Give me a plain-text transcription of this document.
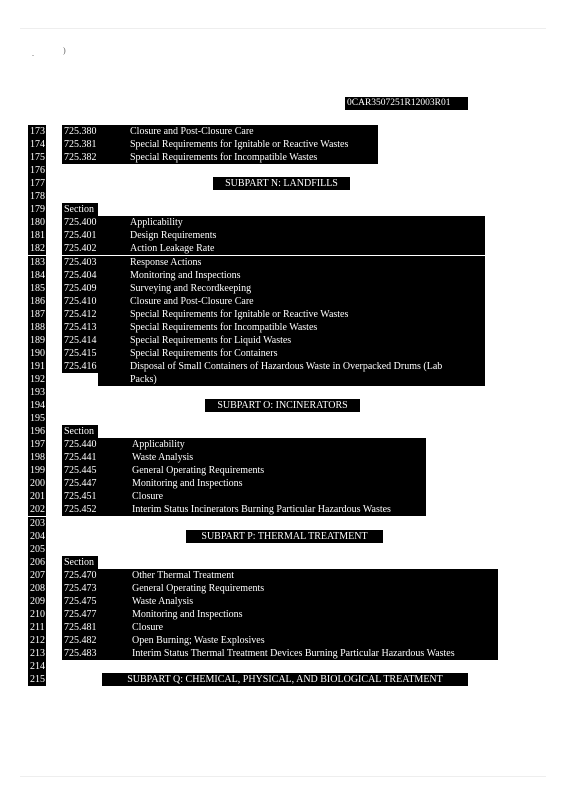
.	)
0CAR3507251R12003R01
173 725.380	Closure and Post-Closure Care
174 725.381	Special Requirements for Ignitable or Reactive Wastes
175 725.382	Special Requirements for Incompatible Wastes
176
177	SUBPART N: LANDFILLS
178
179 Section
180 725.400	Applicability
181 725.401	Design Requirements
182 725.402	Action Leakage Rate
183 725.403	Response Actions
184 725.404	Monitoring and Inspections
185 725.409	Surveying and Recordkeeping
186 725.410	Closure and Post-Closure Care
187 725.412	Special Requirements for Ignitable or Reactive Wastes
188 725.413	Special Requirements for Incompatible Wastes
189 725.414	Special Requirements for Liquid Wastes
190 725.415	Special Requirements for Containers
191 725.416	Disposal of Small Containers of Hazardous Waste in Overpacked Drums (Lab
192	Packs)
193
194	SUBPART O: INCINERATORS
195
196 Section
197 725.440	Applicability
198 725.441	Waste Analysis
199 725.445	General Operating Requirements
200 725.447	Monitoring and Inspections
201 725.451	Closure
202 725.452	Interim Status Incinerators Burning Particular Hazardous Wastes
203
204	SUBPART P: THERMAL TREATMENT
205
206 Section
207 725.470	Other Thermal Treatment
208 725.473	General Operating Requirements
209 725.475	Waste Analysis
210 725.477	Monitoring and Inspections
211 725.481	Closure
212 725.482	Open Burning; Waste Explosives
213 725.483	Interim Status Thermal Treatment Devices Burning Particular Hazardous Wastes
214
215	SUBPART Q: CHEMICAL, PHYSICAL, AND BIOLOGICAL TREATMENT
